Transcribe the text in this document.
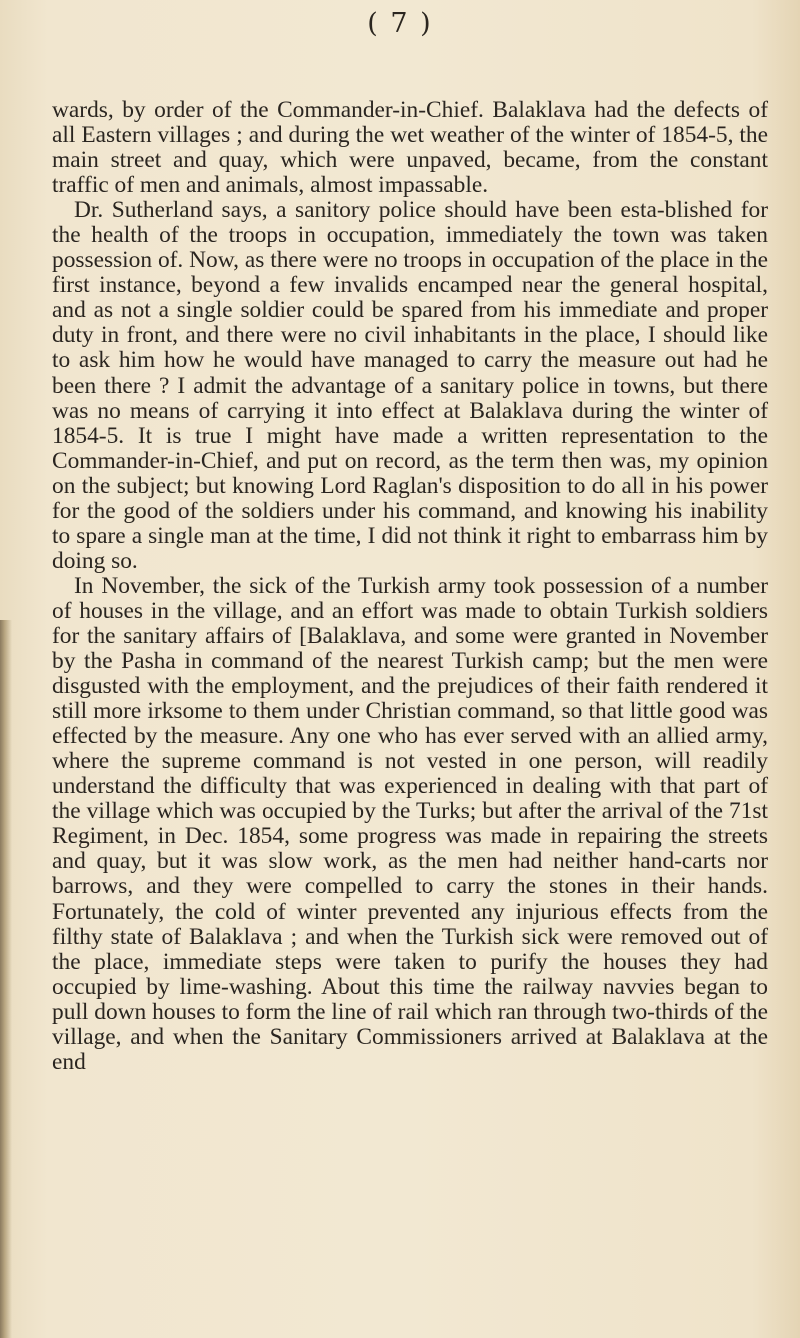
( 7 )

wards, by order of the Commander-in-Chief. Balaklava had the defects of all Eastern villages ; and during the wet weather of the winter of 1854-5, the main street and quay, which were unpaved, became, from the constant traffic of men and animals, almost impassable.

Dr. Sutherland says, a sanitory police should have been esta-blished for the health of the troops in occupation, immediately the town was taken possession of. Now, as there were no troops in occupation of the place in the first instance, beyond a few invalids encamped near the general hospital, and as not a single soldier could be spared from his immediate and proper duty in front, and there were no civil inhabitants in the place, I should like to ask him how he would have managed to carry the measure out had he been there ? I admit the advantage of a sanitary police in towns, but there was no means of carrying it into effect at Balaklava during the winter of 1854-5. It is true I might have made a written representation to the Commander-in-Chief, and put on record, as the term then was, my opinion on the subject; but knowing Lord Raglan's disposition to do all in his power for the good of the soldiers under his command, and knowing his inability to spare a single man at the time, I did not think it right to embarrass him by doing so.

In November, the sick of the Turkish army took possession of a number of houses in the village, and an effort was made to obtain Turkish soldiers for the sanitary affairs of [Balaklava, and some were granted in November by the Pasha in command of the nearest Turkish camp; but the men were disgusted with the employment, and the prejudices of their faith rendered it still more irksome to them under Christian command, so that little good was effected by the measure. Any one who has ever served with an allied army, where the supreme command is not vested in one person, will readily understand the difficulty that was experienced in dealing with that part of the village which was occupied by the Turks; but after the arrival of the 71st Regiment, in Dec. 1854, some progress was made in repairing the streets and quay, but it was slow work, as the men had neither hand-carts nor barrows, and they were compelled to carry the stones in their hands. Fortunately, the cold of winter prevented any injurious effects from the filthy state of Balaklava ; and when the Turkish sick were removed out of the place, immediate steps were taken to purify the houses they had occupied by lime-washing. About this time the railway navvies began to pull down houses to form the line of rail which ran through two-thirds of the village, and when the Sanitary Commissioners arrived at Balaklava at the end
